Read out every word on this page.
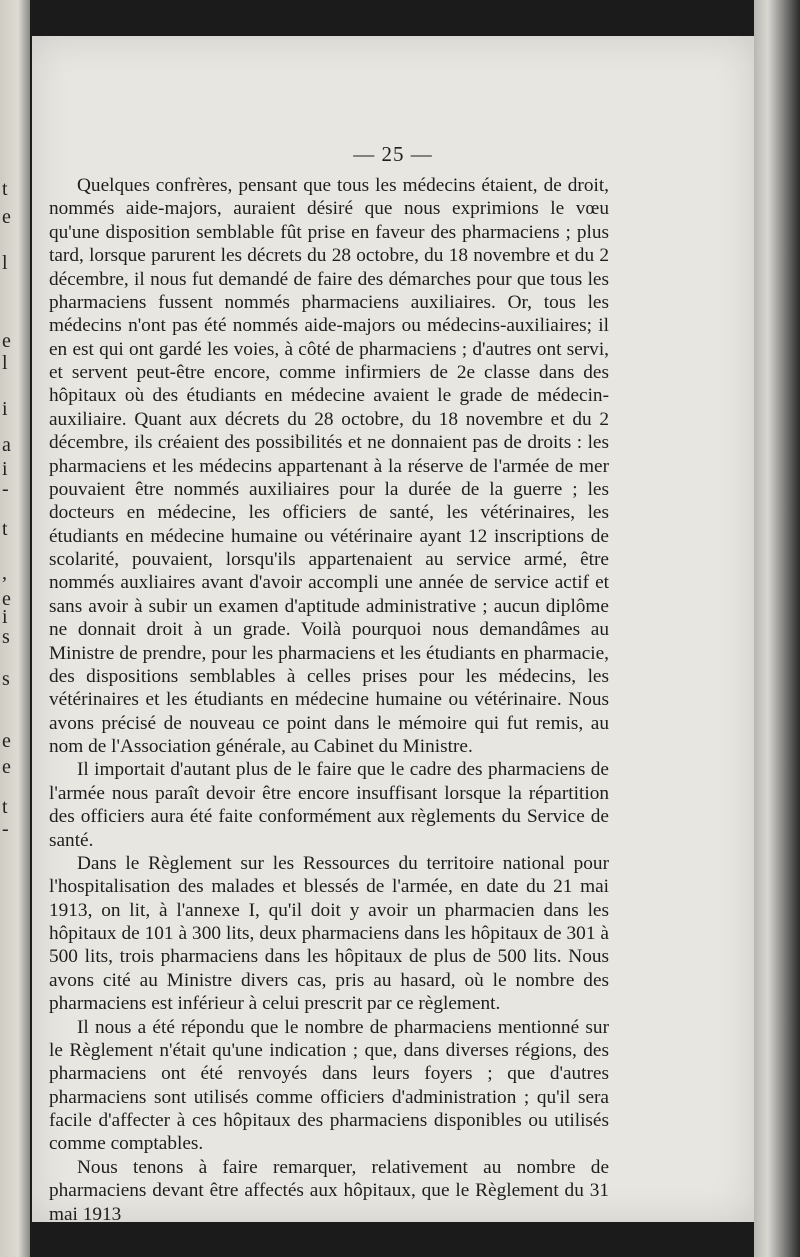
t
e
l
e
l
i
a
i
-
t
,
e
i
s
s
e
e
t
-
— 25 —

Quelques confrères, pensant que tous les médecins étaient, de droit, nommés aide-majors, auraient désiré que nous exprimions le vœu qu'une disposition semblable fût prise en faveur des pharmaciens ; plus tard, lorsque parurent les décrets du 28 octobre, du 18 novembre et du 2 décembre, il nous fut demandé de faire des démarches pour que tous les pharmaciens fussent nommés pharmaciens auxiliaires. Or, tous les médecins n'ont pas été nommés aide-majors ou médecins-auxiliaires; il en est qui ont gardé les voies, à côté de pharmaciens ; d'autres ont servi, et servent peut-être encore, comme infirmiers de 2e classe dans des hôpitaux où des étudiants en médecine avaient le grade de médecin-auxiliaire. Quant aux décrets du 28 octobre, du 18 novembre et du 2 décembre, ils créaient des possibilités et ne donnaient pas de droits : les pharmaciens et les médecins appartenant à la réserve de l'armée de mer pouvaient être nommés auxiliaires pour la durée de la guerre ; les docteurs en médecine, les officiers de santé, les vétérinaires, les étudiants en médecine humaine ou vétérinaire ayant 12 inscriptions de scolarité, pouvaient, lorsqu'ils appartenaient au service armé, être nommés auxliaires avant d'avoir accompli une année de service actif et sans avoir à subir un examen d'aptitude administrative ; aucun diplôme ne donnait droit à un grade. Voilà pourquoi nous demandâmes au Ministre de prendre, pour les pharmaciens et les étudiants en pharmacie, des dispositions semblables à celles prises pour les médecins, les vétérinaires et les étudiants en médecine humaine ou vétérinaire. Nous avons précisé de nouveau ce point dans le mémoire qui fut remis, au nom de l'Association générale, au Cabinet du Ministre.

Il importait d'autant plus de le faire que le cadre des pharmaciens de l'armée nous paraît devoir être encore insuffisant lorsque la répartition des officiers aura été faite conformément aux règlements du Service de santé.

Dans le Règlement sur les Ressources du territoire national pour l'hospitalisation des malades et blessés de l'armée, en date du 21 mai 1913, on lit, à l'annexe I, qu'il doit y avoir un pharmacien dans les hôpitaux de 101 à 300 lits, deux pharmaciens dans les hôpitaux de 301 à 500 lits, trois pharmaciens dans les hôpitaux de plus de 500 lits. Nous avons cité au Ministre divers cas, pris au hasard, où le nombre des pharmaciens est inférieur à celui prescrit par ce règlement.

Il nous a été répondu que le nombre de pharmaciens mentionné sur le Règlement n'était qu'une indication ; que, dans diverses régions, des pharmaciens ont été renvoyés dans leurs foyers ; que d'autres pharmaciens sont utilisés comme officiers d'administration ; qu'il sera facile d'affecter à ces hôpitaux des pharmaciens disponibles ou utilisés comme comptables.

Nous tenons à faire remarquer, relativement au nombre de pharmaciens devant être affectés aux hôpitaux, que le Règlement du 31 mai 1913
